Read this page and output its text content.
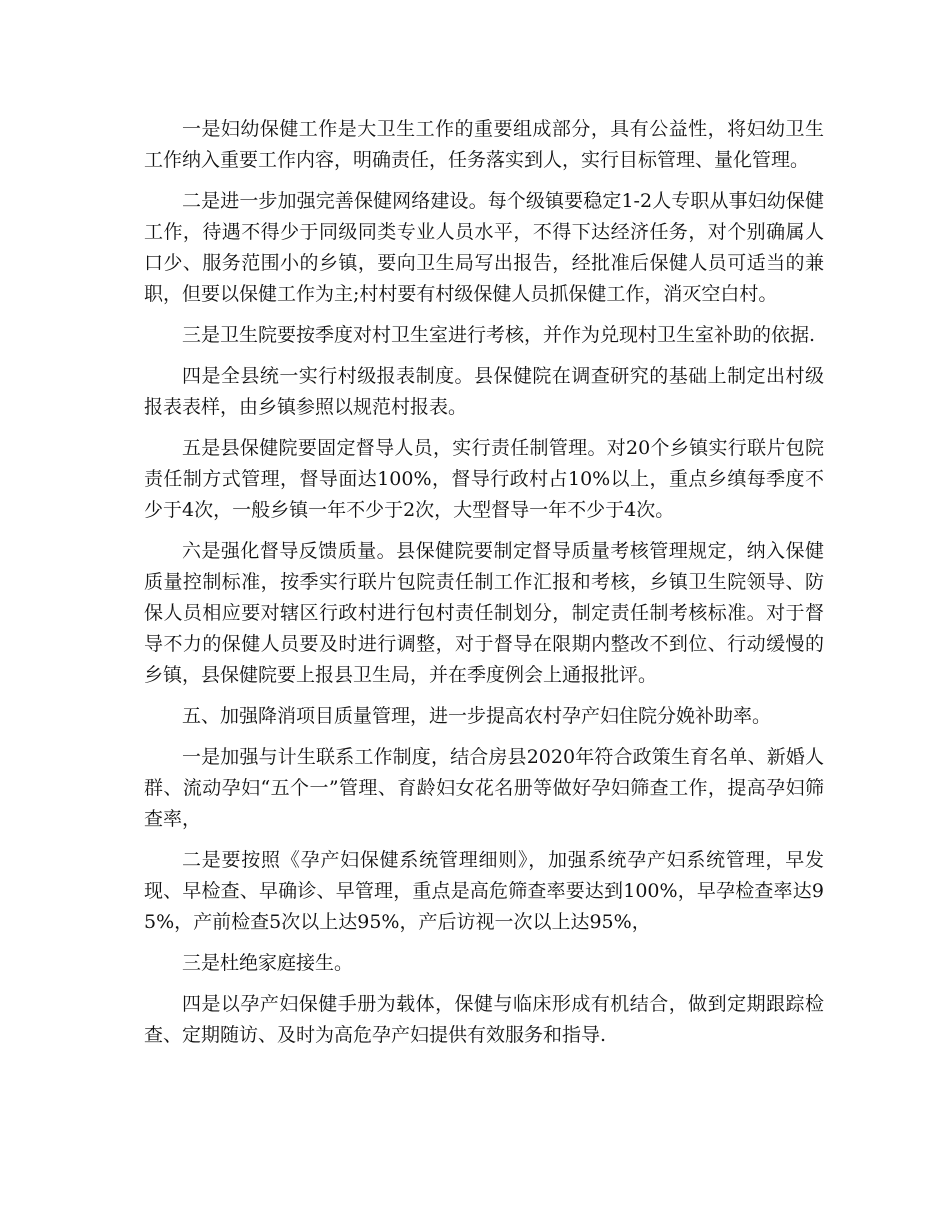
一是妇幼保健工作是大卫生工作的重要组成部分，具有公益性，将妇幼卫生工作纳入重要工作内容，明确责任，任务落实到人，实行目标管理、量化管理。

二是进一步加强完善保健网络建设。每个级镇要稳定1-2人专职从事妇幼保健工作，待遇不得少于同级同类专业人员水平，不得下达经济任务，对个别确属人口少、服务范围小的乡镇，要向卫生局写出报告，经批准后保健人员可适当的兼职，但要以保健工作为主;村村要有村级保健人员抓保健工作，消灭空白村。

三是卫生院要按季度对村卫生室进行考核，并作为兑现村卫生室补助的依据.

四是全县统一实行村级报表制度。县保健院在调查研究的基础上制定出村级报表表样，由乡镇参照以规范村报表。

五是县保健院要固定督导人员，实行责任制管理。对20个乡镇实行联片包院责任制方式管理，督导面达100%，督导行政村占10%以上，重点乡缜每季度不少于4次，一般乡镇一年不少于2次，大型督导一年不少于4次。

六是强化督导反馈质量。县保健院要制定督导质量考核管理规定，纳入保健质量控制标准，按季实行联片包院责任制工作汇报和考核，乡镇卫生院领导、防保人员相应要对辖区行政村进行包村责任制划分，制定责任制考核标准。对于督导不力的保健人员要及时进行调整，对于督导在限期内整改不到位、行动缓慢的乡镇，县保健院要上报县卫生局，并在季度例会上通报批评。

五、加强降消项目质量管理，进一步提高农村孕产妇住院分娩补助率。

一是加强与计生联系工作制度，结合房县2020年符合政策生育名单、新婚人群、流动孕妇“五个一”管理、育龄妇女花名册等做好孕妇筛查工作，提高孕妇筛查率，

二是要按照《孕产妇保健系统管理细则》，加强系统孕产妇系统管理，早发现、早检查、早确诊、早管理，重点是高危筛查率要达到100%，早孕检查率达95%，产前检查5次以上达95%，产后访视一次以上达95%，

三是杜绝家庭接生。

四是以孕产妇保健手册为载体，保健与临床形成有机结合，做到定期跟踪检查、定期随访、及时为高危孕产妇提供有效服务和指导.
